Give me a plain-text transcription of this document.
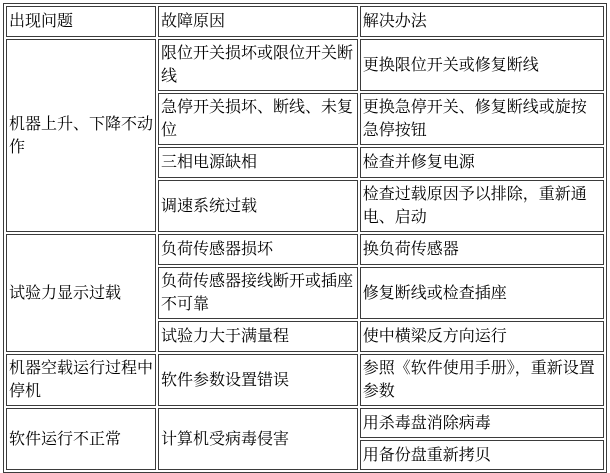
出现问题	故障原因	解决办法
机器上升、下降不动作	限位开关损坏或限位开关断线	更换限位开关或修复断线
	急停开关损坏、断线、未复位	更换急停开关、修复断线或旋按急停按钮
	三相电源缺相	检查并修复电源
	调速系统过载	检查过载原因予以排除，重新通电、启动
试验力显示过载	负荷传感器损坏	换负荷传感器
	负荷传感器接线断开或插座不可靠	修复断线或检查插座
	试验力大于满量程	使中横梁反方向运行
机器空载运行过程中停机	软件参数设置错误	参照《软件使用手册》，重新设置参数
软件运行不正常	计算机受病毒侵害	用杀毒盘消除病毒
		用备份盘重新拷贝
